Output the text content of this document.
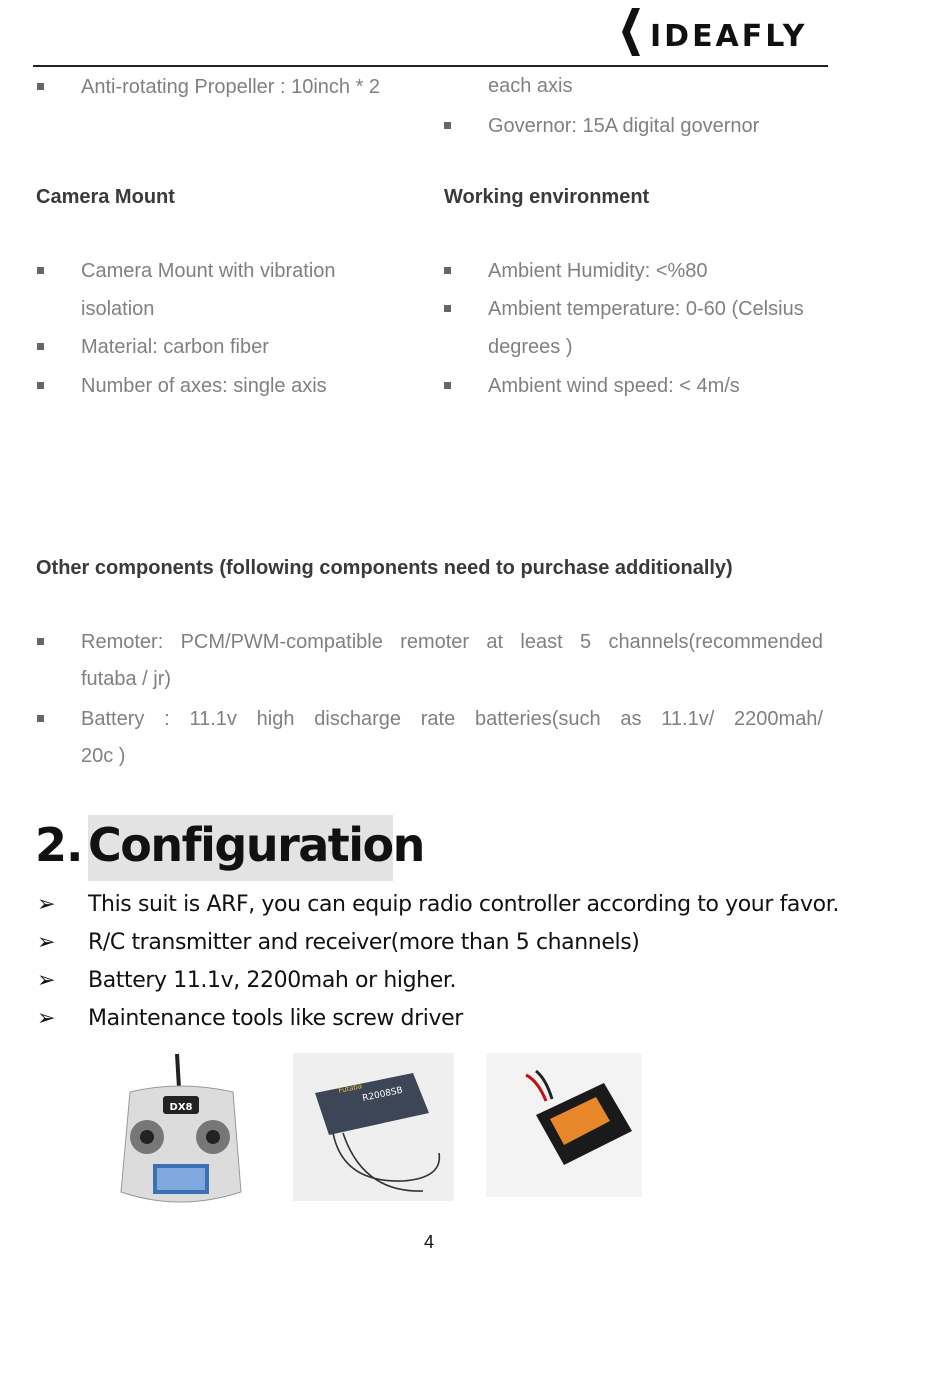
IDEAFLY
Anti-rotating Propeller : 10inch * 2	each axis
Governor: 15A digital governor
Camera Mount
Camera Mount with vibration
isolation
Material: carbon fiber
Number of axes: single axis
Working environment
Ambient Humidity: <%80
Ambient temperature: 0-60 (Celsius
degrees )
Ambient wind speed: < 4m/s
Other components (following components need to purchase additionally)
Remoter: PCM/PWM-compatible remoter at least 5 channels(recommended
futaba / jr)
Battery : 11.1v high discharge rate batteries(such as 11.1v/ 2200mah/
20c )
2. Configuration
➢ This suit is ARF, you can equip radio controller according to your favor.
➢ R/C transmitter and receiver(more than 5 channels)
➢ Battery 11.1v, 2200mah or higher.
➢ Maintenance tools like screw driver
DX8
R2008SB
Futaba
4
